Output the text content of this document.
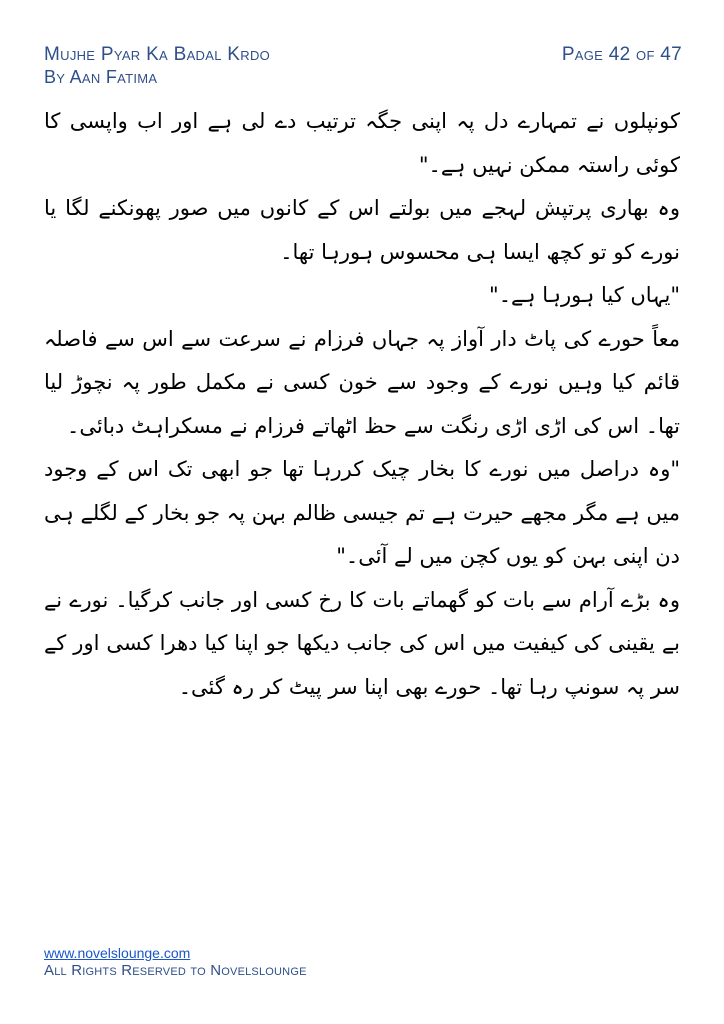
Mujhe Pyar Ka Badal Krdo
By Aan Fatima
Page 42 of 47

کونپلوں نے تمہارے دل پہ اپنی جگہ ترتیب دے لی ہے اور اب واپسی کا کوئی راستہ ممکن نہیں ہے۔"

وہ بھاری پرتپش لہجے میں بولتے اس کے کانوں میں صور پھونکنے لگا یا نورے کو تو کچھ ایسا ہی محسوس ہورہا تھا۔

"یہاں کیا ہورہا ہے۔"

معاً حورے کی پاٹ دار آواز پہ جہاں فرزام نے سرعت سے اس سے فاصلہ قائم کیا وہیں نورے کے وجود سے خون کسی نے مکمل طور پہ نچوڑ لیا تھا۔ اس کی اڑی اڑی رنگت سے حظ اٹھاتے فرزام نے مسکراہٹ دبائی۔

"وہ دراصل میں نورے کا بخار چیک کررہا تھا جو ابھی تک اس کے وجود میں ہے مگر مجھے حیرت ہے تم جیسی ظالم بہن پہ جو بخار کے لگلے ہی دن اپنی بہن کو یوں کچن میں لے آئی۔"

وہ بڑے آرام سے بات کو گھماتے بات کا رخ کسی اور جانب کرگیا۔ نورے نے بے یقینی کی کیفیت میں اس کی جانب دیکھا جو اپنا کیا دھرا کسی اور کے سر پہ سونپ رہا تھا۔ حورے بھی اپنا سر پیٹ کر رہ گئی۔

www.novelslounge.com
All Rights Reserved to Novelslounge
